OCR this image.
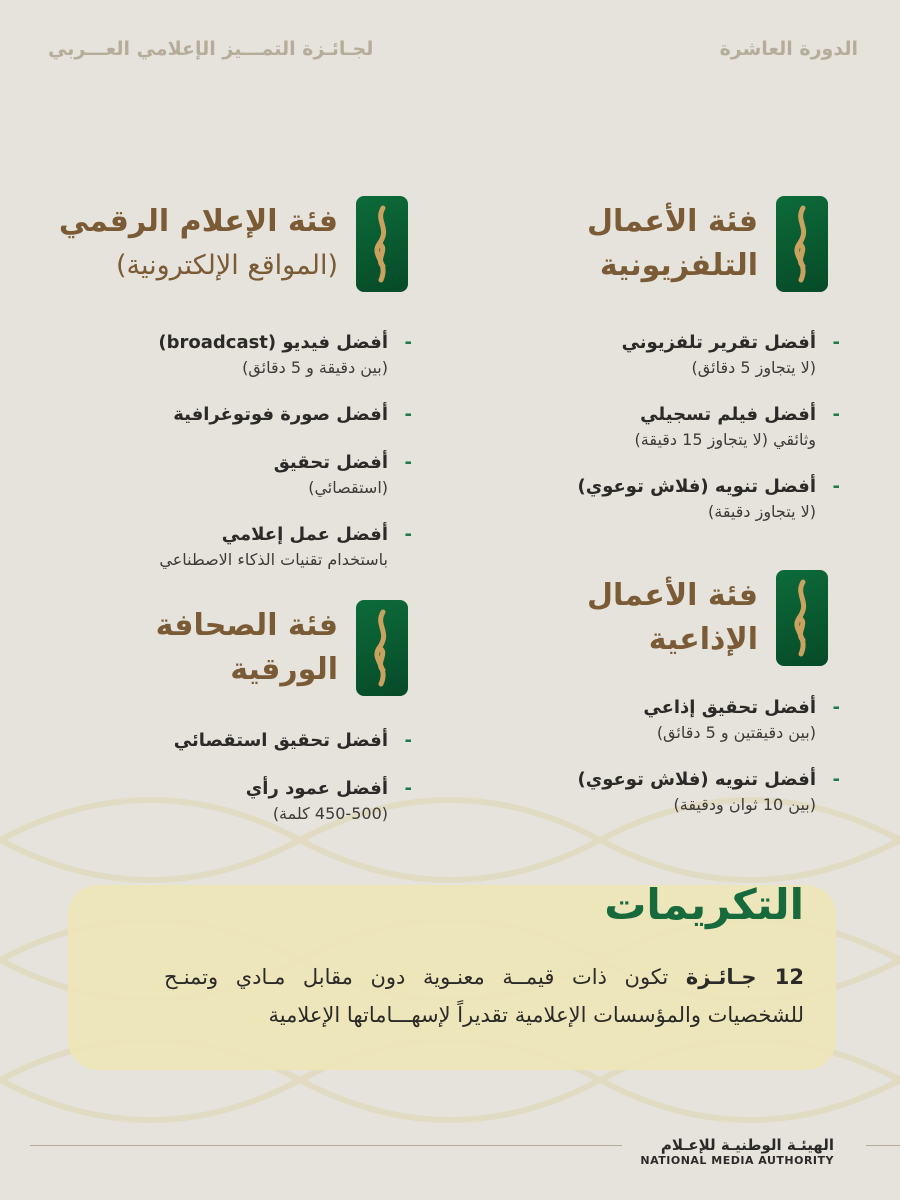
الدورة العاشرة
لجـائـزة التمـــيز الإعلامي العـــربي
فئة الأعمال
التلفزيونية
-
أفضل تقرير تلفزيوني
(لا يتجاوز 5 دقائق)
-
أفضل فيلم تسجيلي
وثائقي (لا يتجاوز 15 دقيقة)
-
أفضل تنويه (فلاش توعوي)
(لا يتجاوز دقيقة)
فئة الإعلام الرقمي
(المواقع الإلكترونية)
-
أفضل فيديو (broadcast)
(بين دقيقة و 5 دقائق)
-
أفضل صورة فوتوغرافية
-
أفضل تحقيق
(استقصائي)
-
أفضل عمل إعلامي
باستخدام تقنيات الذكاء الاصطناعي
فئة الأعمال
الإذاعية
-
أفضل تحقيق إذاعي
(بين دقيقتين و 5 دقائق)
-
أفضل تنويه (فلاش توعوي)
(بين 10 ثوان ودقيقة)
فئة الصحافة
الورقية
-
أفضل تحقيق استقصائي
-
أفضل عمود رأي
(450-500 كلمة)
التكريمات
12 جـائـزة تكون ذات قيمــة معنـوية دون مقابل مـادي وتمنـح للشخصيات والمؤسسات الإعلامية تقديراً لإسهـــاماتها الإعلامية
الهيئـة الوطنيـة للإعـلام
NATIONAL MEDIA AUTHORITY
